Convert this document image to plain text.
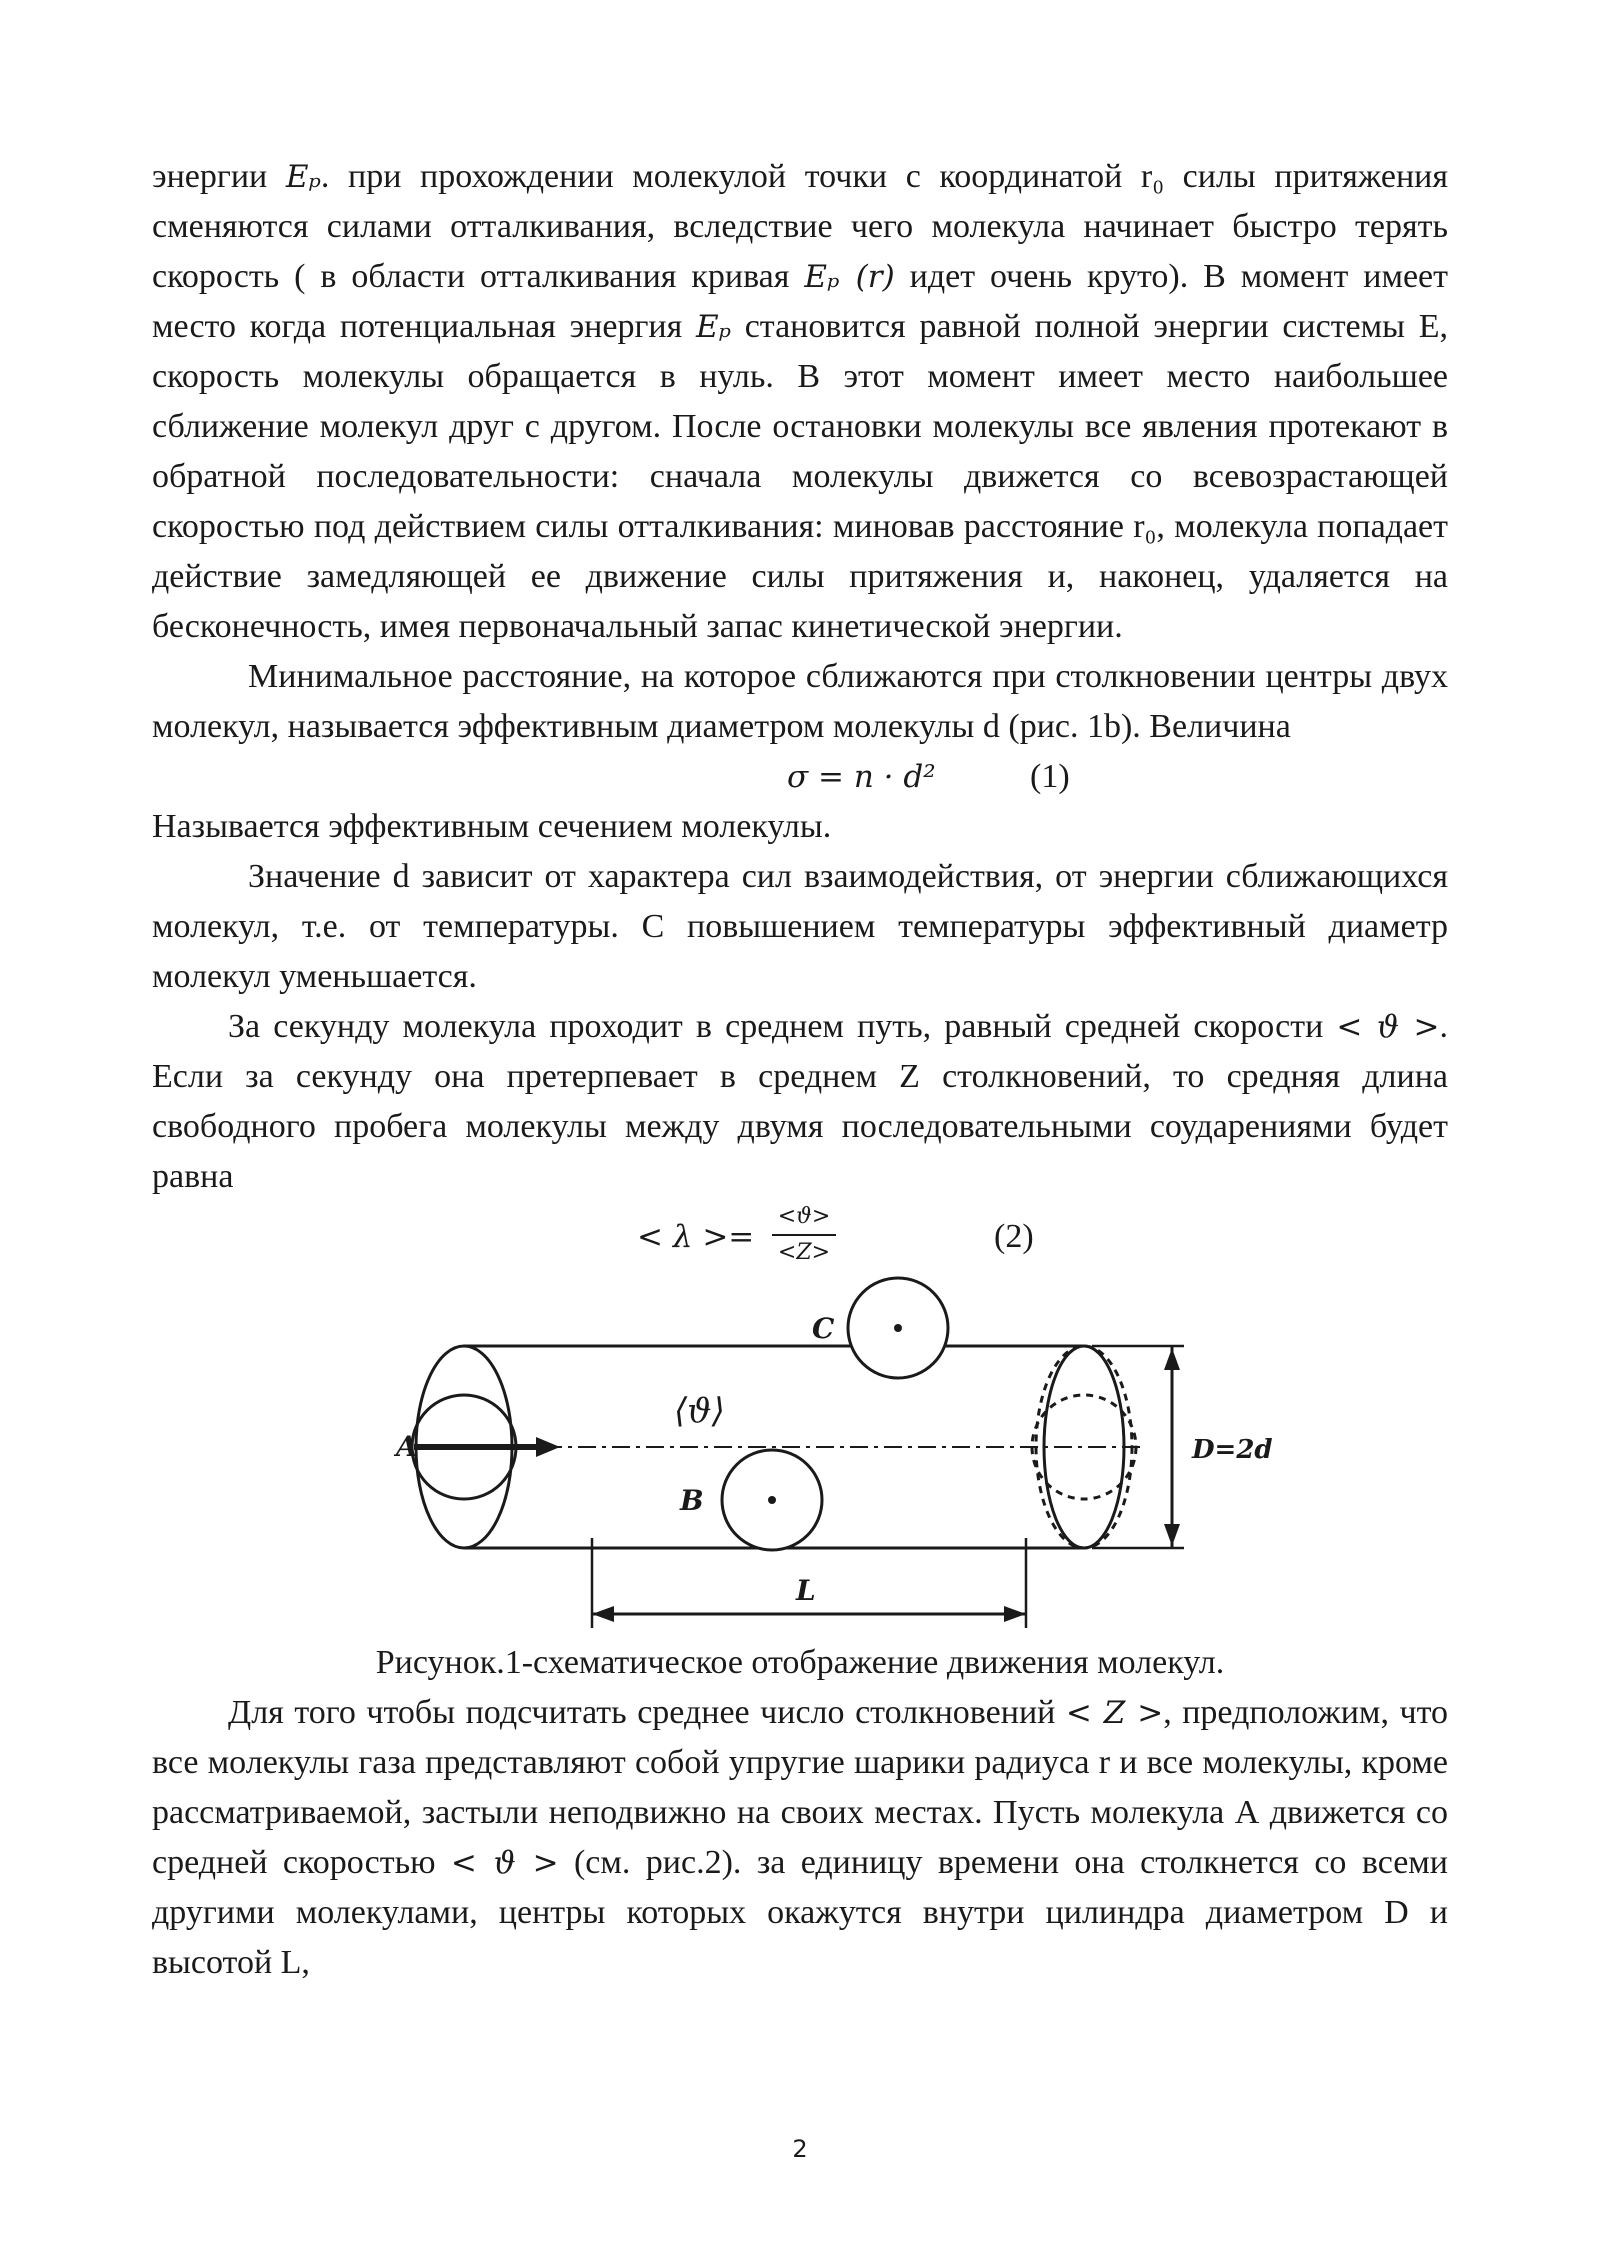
энергии Eₚ. при прохождении молекулой точки с координатой r₀ силы притяжения сменяются силами отталкивания, вследствие чего молекула начинает быстро терять скорость ( в области отталкивания кривая Eₚ (r) идет очень круто). В момент имеет место когда потенциальная энергия Eₚ становится равной полной энергии системы Е, скорость молекулы обращается в нуль. В этот момент имеет место наибольшее сближение молекул друг с другом. После остановки молекулы все явления протекают в обратной последовательности: сначала молекулы движется со всевозрастающей скоростью под действием силы отталкивания: миновав расстояние r₀, молекула попадает действие замедляющей ее движение силы притяжения и, наконец, удаляется на бесконечность, имея первоначальный запас кинетической энергии.

Минимальное расстояние, на которое сближаются при столкновении центры двух молекул, называется эффективным диаметром молекулы d (рис. 1b). Величина

σ = n · d²	(1)

Называется эффективным сечением молекулы.

Значение d зависит от характера сил взаимодействия, от энергии сближающихся молекул, т.е. от температуры. С повышением температуры эффективный диаметр молекул уменьшается.

За секунду молекула проходит в среднем путь, равный средней скорости < ϑ >. Если за секунду она претерпевает в среднем Z столкновений, то средняя длина свободного пробега молекулы между двумя последовательными соударениями будет равна

< λ >=
<ϑ>
<Z>	(2)
A
B
C
D=2d
L
⟨ϑ⟩

Рисунок.1-схематическое отображение движения молекул.

Для того чтобы подсчитать среднее число столкновений < Z >, предположим, что все молекулы газа представляют собой упругие шарики радиуса r и все молекулы, кроме рассматриваемой, застыли неподвижно на своих местах. Пусть молекула А движется со средней скоростью < ϑ > (см. рис.2). за единицу времени она столкнется со всеми другими молекулами, центры которых окажутся внутри цилиндра диаметром D и высотой L,

2
